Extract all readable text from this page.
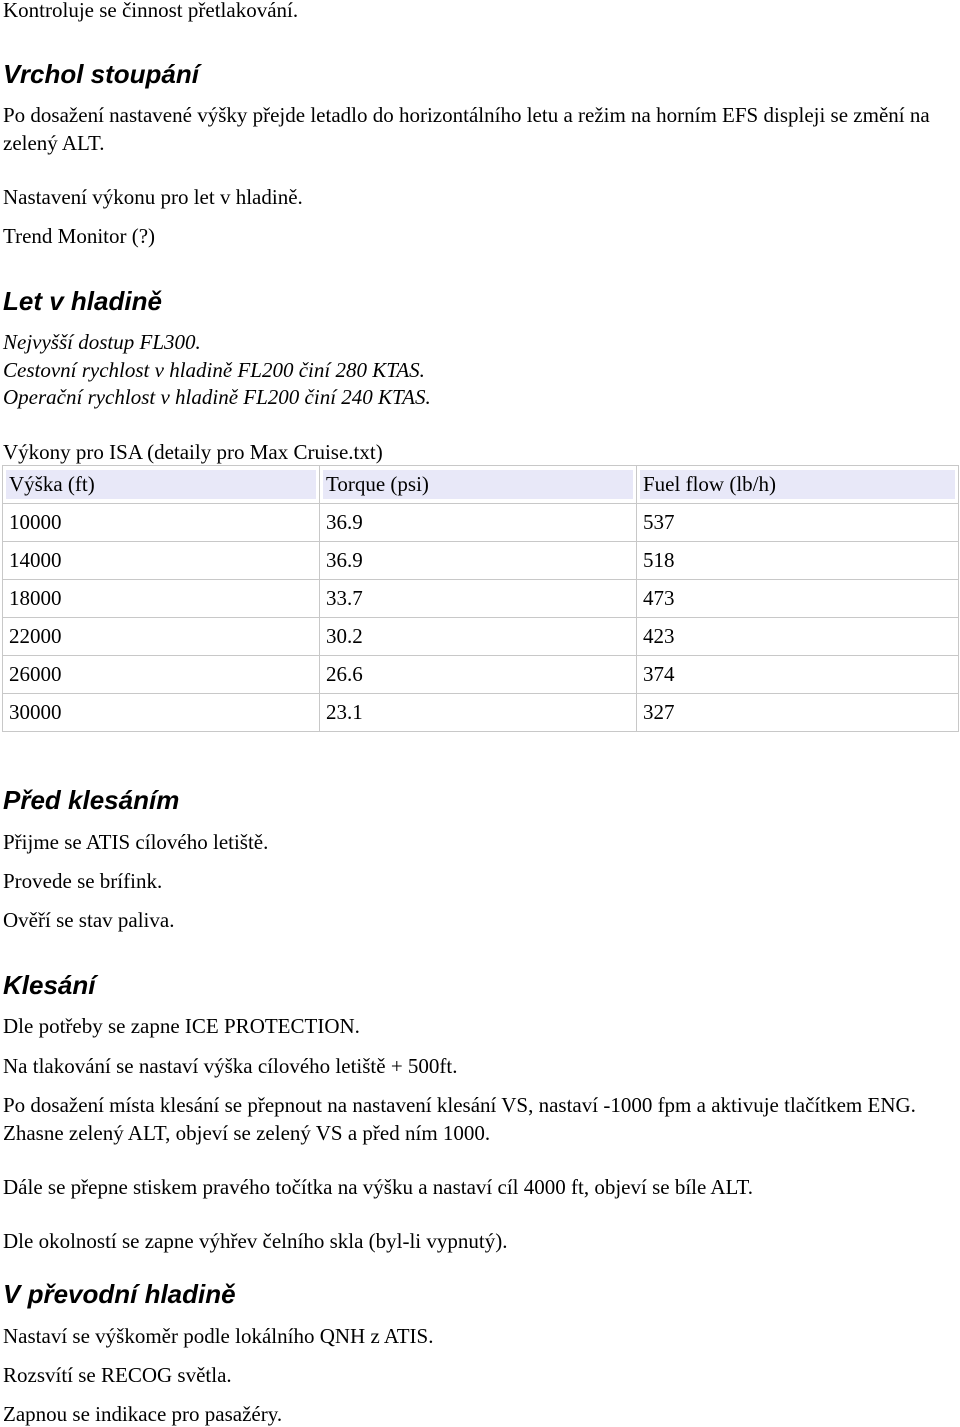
Kontroluje se činnost přetlakování.

Vrchol stoupání

Po dosažení nastavené výšky přejde letadlo do horizontálního letu a režim na horním EFS displeji se změní na zelený ALT.

Nastavení výkonu pro let v hladině.

Trend Monitor (?)

Let v hladině

Nejvyšší dostup FL300.

Cestovní rychlost v hladině FL200 činí 280 KTAS.

Operační rychlost v hladině FL200 činí 240 KTAS.

Výkony pro ISA (detaily pro Max Cruise.txt)

Výška (ft)	Torque (psi)	Fuel flow (lb/h)

10000	36.9	537
14000	36.9	518
18000	33.7	473
22000	30.2	423
26000	26.6	374
30000	23.1	327
Před klesáním

Přijme se ATIS cílového letiště.

Provede se brífink.

Ověří se stav paliva.

Klesání

Dle potřeby se zapne ICE PROTECTION.

Na tlakování se nastaví výška cílového letiště + 500ft.

Po dosažení místa klesání se přepnout na nastavení klesání VS, nastaví -1000 fpm a aktivuje tlačítkem ENG. Zhasne zelený ALT, objeví se zelený VS a před ním 1000.

Dále se přepne stiskem pravého točítka na výšku a nastaví cíl 4000 ft, objeví se bíle ALT.

Dle okolností se zapne výhřev čelního skla (byl-li vypnutý).

V převodní hladině

Nastaví se výškoměr podle lokálního QNH z ATIS.

Rozsvítí se RECOG světla.

Zapnou se indikace pro pasažéry.
